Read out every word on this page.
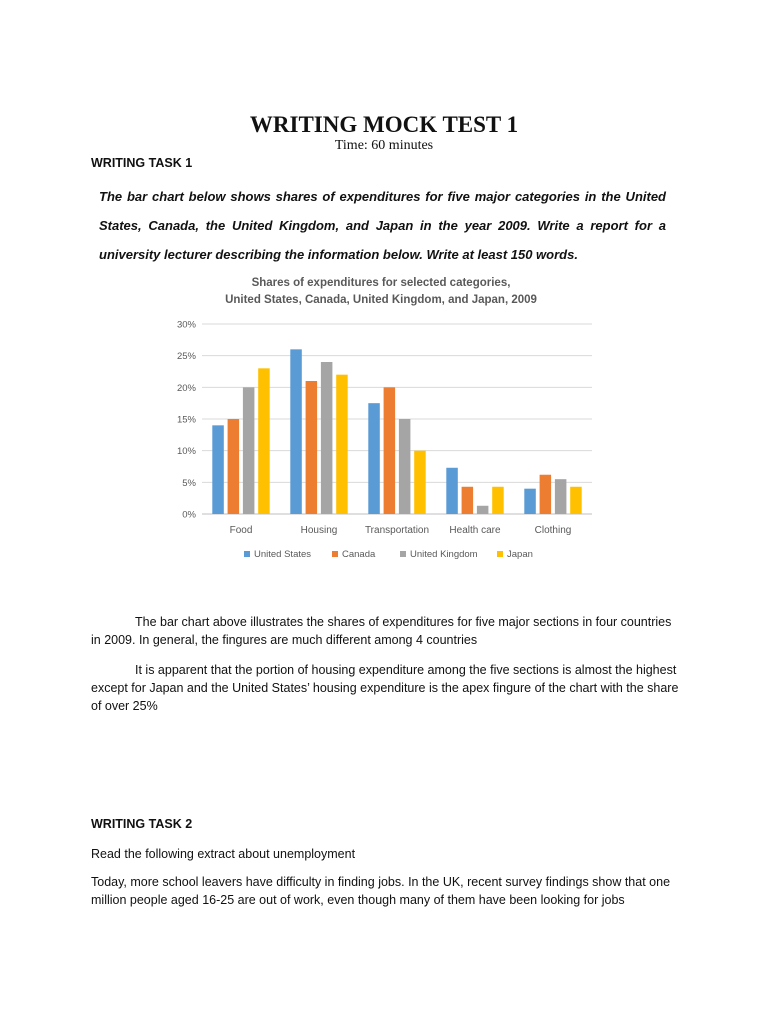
WRITING MOCK TEST 1
Time: 60 minutes
WRITING TASK 1

The bar chart below shows shares of expenditures for five major categories in the United States, Canada, the United Kingdom, and Japan in the year 2009. Write a report for a university lecturer describing the information below. Write at least 150 words.

Shares of expenditures for selected categories,
United States, Canada, United Kingdom, and Japan, 2009
0%
5%
10%
15%
20%
25%
30%
Food	Housing	Transportation Health care	Clothing
United States	Canada	United Kingdom	Japan

The bar chart above illustrates the shares of expenditures for five major sections in four countries in 2009. In general, the fingures are much different among 4 countries

It is apparent that the portion of housing expenditure among the five sections is almost the highest except for Japan and the United States’ housing expenditure is the apex fingure of the chart with the share of over 25%

WRITING TASK 2

Read the following extract about unemployment

Today, more school leavers have difficulty in finding jobs. In the UK, recent survey findings show that one million people aged 16-25 are out of work, even though many of them have been looking for jobs
